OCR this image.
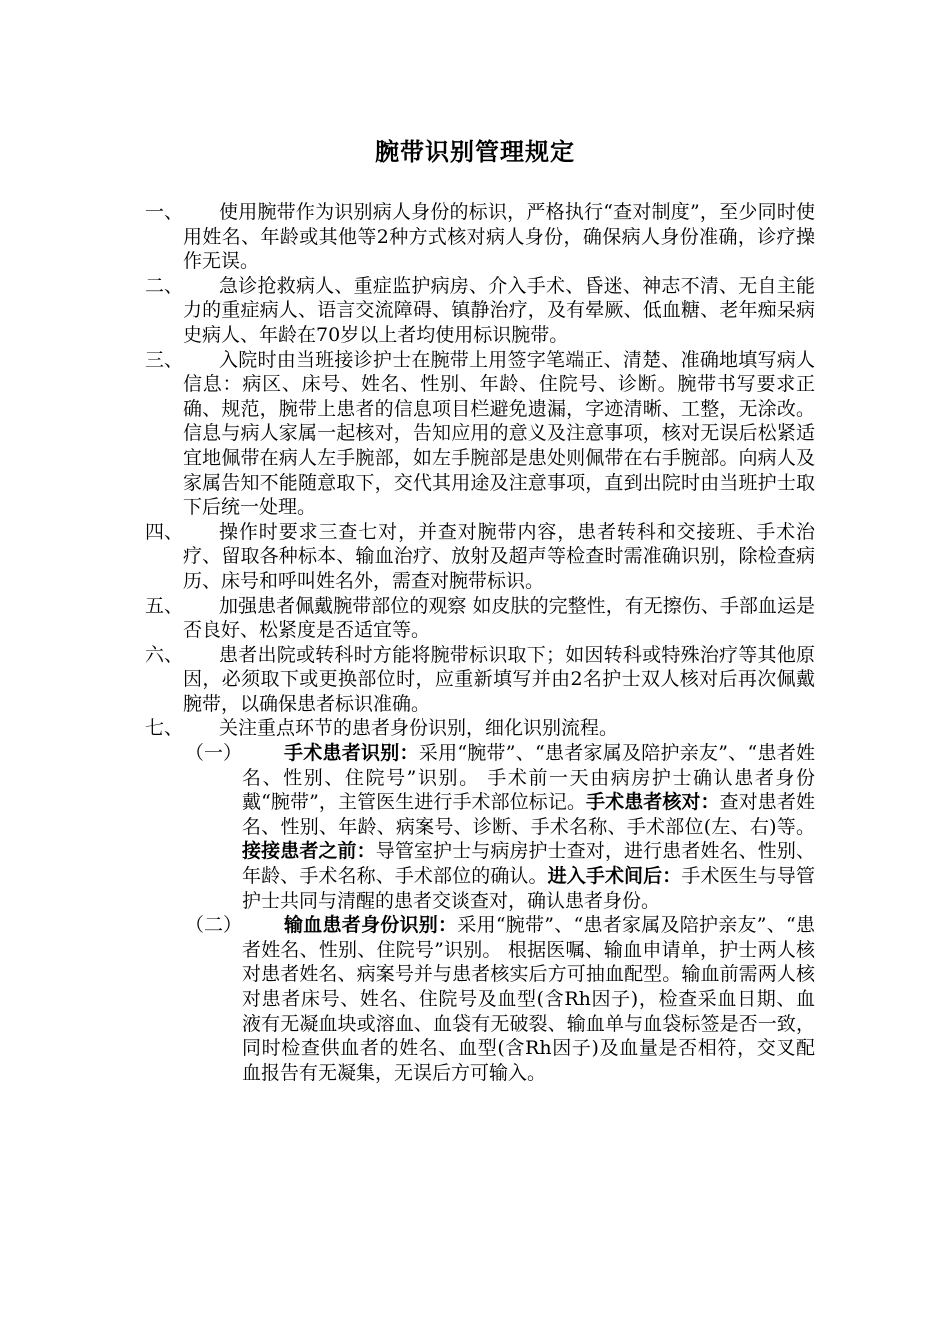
腕带识别管理规定
一、	使用腕带作为识别病人身份的标识，严格执行“查对制度”，至少同时使用姓名、年龄或其他等2种方式核对病人身份，确保病人身份准确，诊疗操作无误。
二、	急诊抢救病人、重症监护病房、介入手术、昏迷、神志不清、无自主能力的重症病人、语言交流障碍、镇静治疗，及有晕厥、低血糖、老年痴呆病史病人、年龄在70岁以上者均使用标识腕带。
三、	入院时由当班接诊护士在腕带上用签字笔端正、清楚、准确地填写病人信息：病区、床号、姓名、性别、年龄、住院号、诊断。腕带书写要求正确、规范，腕带上患者的信息项目栏避免遗漏，字迹清晰、工整，无涂改。信息与病人家属一起核对，告知应用的意义及注意事项，核对无误后松紧适宜地佩带在病人左手腕部，如左手腕部是患处则佩带在右手腕部。向病人及家属告知不能随意取下，交代其用途及注意事项，直到出院时由当班护士取下后统一处理。
四、	操作时要求三查七对，并查对腕带内容，患者转科和交接班、手术治疗、留取各种标本、输血治疗、放射及超声等检查时需准确识别，除检查病历、床号和呼叫姓名外，需查对腕带标识。
五、	加强患者佩戴腕带部位的观察 如皮肤的完整性，有无擦伤、手部血运是否良好、松紧度是否适宜等。
六、	患者出院或转科时方能将腕带标识取下；如因转科或特殊治疗等其他原因，必须取下或更换部位时，应重新填写并由2名护士双人核对后再次佩戴腕带，以确保患者标识准确。
七、	关注重点环节的患者身份识别，细化识别流程。
（一）	手术患者识别：采用“腕带”、“患者家属及陪护亲友”、“患者姓名、性别、住院号”识别。 手术前一天由病房护士确认患者身份戴“腕带”，主管医生进行手术部位标记。手术患者核对：查对患者姓名、性别、年龄、病案号、诊断、手术名称、手术部位(左、右)等。 接接患者之前：导管室护士与病房护士查对，进行患者姓名、性别、年龄、手术名称、手术部位的确认。进入手术间后：手术医生与导管护士共同与清醒的患者交谈查对，确认患者身份。
（二）	输血患者身份识别：采用“腕带”、“患者家属及陪护亲友”、“患者姓名、性别、住院号”识别。 根据医嘱、输血申请单，护士两人核对患者姓名、病案号并与患者核实后方可抽血配型。输血前需两人核对患者床号、姓名、住院号及血型(含Rh因子)，检查采血日期、血液有无凝血块或溶血、血袋有无破裂、输血单与血袋标签是否一致，同时检查供血者的姓名、血型(含Rh因子)及血量是否相符，交叉配血报告有无凝集，无误后方可输入。
